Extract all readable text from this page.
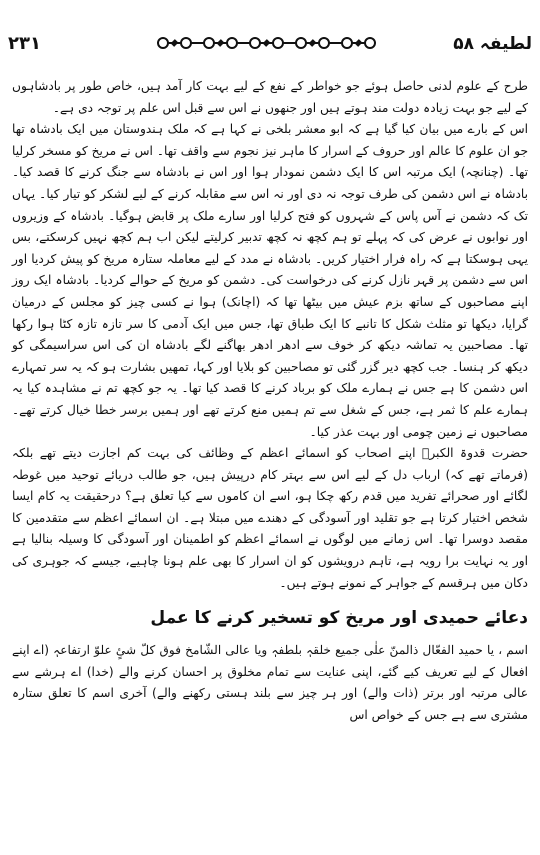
۲۳۱	لطیفہ ۵۸

طرح کے علوم لدنی حاصل ہوئے جو خواطر کے نفع کے لیے بہت کار آمد ہیں، خاص طور پر بادشاہوں کے لیے جو بہت زیادہ دولت مند ہوتے ہیں اور جنھوں نے اس سے قبل اس علم پر توجہ دی ہے۔

اس کے بارے میں بیان کیا گیا ہے کہ ابو معشر بلخی نے کہا ہے کہ ملک ہندوستان میں ایک بادشاہ تھا جو ان علوم کا عالم اور حروف کے اسرار کا ماہر نیز نجوم سے واقف تھا۔ اس نے مریخ کو مسخر کرلیا تھا۔ (چنانچہ) ایک مرتبہ اس کا ایک دشمن نمودار ہوا اور اس نے بادشاہ سے جنگ کرنے کا قصد کیا۔ بادشاہ نے اس دشمن کی طرف توجہ نہ دی اور نہ اس سے مقابلہ کرنے کے لیے لشکر کو تیار کیا۔ یہاں تک کہ دشمن نے آس پاس کے شہروں کو فتح کرلیا اور سارے ملک پر قابض ہوگیا۔ بادشاہ کے وزیروں اور نوابوں نے عرض کی کہ پہلے تو ہم کچھ نہ کچھ تدبیر کرلیتے لیکن اب ہم کچھ نہیں کرسکتے، بس یہی ہوسکتا ہے کہ راہ فرار اختیار کریں۔ بادشاہ نے مدد کے لیے معاملہ ستارہ مریخ کو پیش کردیا اور اس سے دشمن پر قہر نازل کرنے کی درخواست کی۔ دشمن کو مریخ کے حوالے کردیا۔ بادشاہ ایک روز اپنے مصاحبوں کے ساتھ بزم عیش میں بیٹھا تھا کہ (اچانک) ہوا نے کسی چیز کو مجلس کے درمیان گرایا، دیکھا تو مثلث شکل کا تانبے کا ایک طباق تھا، جس میں ایک آدمی کا سر تازہ تازہ کٹا ہوا رکھا تھا۔ مصاحبین یہ تماشہ دیکھ کر خوف سے ادھر ادھر بھاگنے لگے بادشاہ ان کی اس سراسیمگی کو دیکھ کر ہنسا۔ جب کچھ دیر گزر گئی تو مصاحبین کو بلایا اور کہا، تمھیں بشارت ہو کہ یہ سر تمہارے اس دشمن کا ہے جس نے ہمارے ملک کو برباد کرنے کا قصد کیا تھا۔ یہ جو کچھ تم نے مشاہدہ کیا یہ ہمارے علم کا ثمر ہے، جس کے شغل سے تم ہمیں منع کرتے تھے اور ہمیں برسر خطا خیال کرتے تھے۔ مصاحبوں نے زمین چومی اور بہت عذر کیا۔

حضرت قدوۃ الکبرؒ اپنے اصحاب کو اسمائے اعظم کے وظائف کی بہت کم اجازت دیتے تھے بلکہ (فرماتے تھے کہ) ارباب دل کے لیے اس سے بہتر کام درپیش ہیں، جو طالب دریائے توحید میں غوطہ لگائے اور صحرائے تفرید میں قدم رکھ چکا ہو، اسے ان کاموں سے کیا تعلق ہے؟ درحقیقت یہ کام ایسا شخص اختیار کرتا ہے جو تقلید اور آسودگی کے دھندے میں مبتلا ہے۔ ان اسمائے اعظم سے متقدمین کا مقصد دوسرا تھا۔ اس زمانے میں لوگوں نے اسمائے اعظم کو اطمینان اور آسودگی کا وسیلہ بنالیا ہے اور یہ نہایت برا رویہ ہے، تاہم درویشوں کو ان اسرار کا بھی علم ہونا چاہیے، جیسے کہ جوہری کی دکان میں ہرقسم کے جواہر کے نمونے ہوتے ہیں۔

دعائے حمیدی اور مریخ کو تسخیر کرنے کا عمل

اسم ، یا حمید الفعّال ذالمنّ علٰی جمیع خلقہٖ بلطفہٖ ویا عالی الشّامخ فوق کلّ شئٍ علوّ ارتفاعہٖ (اے اپنے افعال کے لیے تعریف کیے گئے، اپنی عنایت سے تمام مخلوق پر احسان کرنے والے (خدا) اے ہرشے سے عالی مرتبہ اور برتر (ذات والے) اور ہر چیز سے بلند ہستی رکھنے والے) آخری اسم کا تعلق ستارہ مشتری سے ہے جس کے خواص اس
